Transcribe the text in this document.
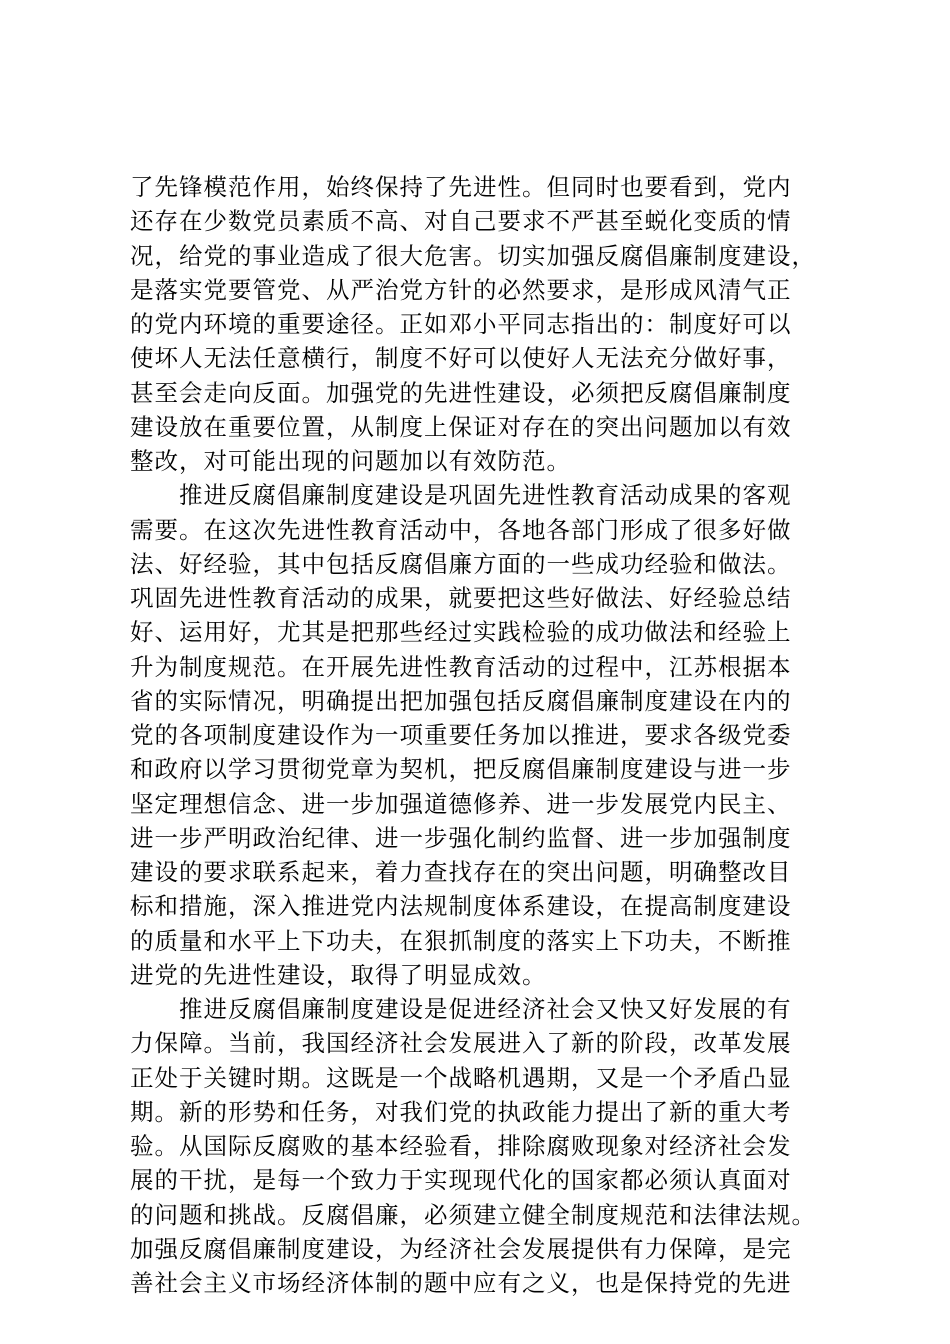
了先锋模范作用，始终保持了先进性。但同时也要看到，党内
还存在少数党员素质不高、对自己要求不严甚至蜕化变质的情
况，给党的事业造成了很大危害。切实加强反腐倡廉制度建设，
是落实党要管党、从严治党方针的必然要求，是形成风清气正
的党内环境的重要途径。正如邓小平同志指出的：制度好可以
使坏人无法任意横行，制度不好可以使好人无法充分做好事，
甚至会走向反面。加强党的先进性建设，必须把反腐倡廉制度
建设放在重要位置，从制度上保证对存在的突出问题加以有效
整改，对可能出现的问题加以有效防范。
　　推进反腐倡廉制度建设是巩固先进性教育活动成果的客观
需要。在这次先进性教育活动中，各地各部门形成了很多好做
法、好经验，其中包括反腐倡廉方面的一些成功经验和做法。
巩固先进性教育活动的成果，就要把这些好做法、好经验总结
好、运用好，尤其是把那些经过实践检验的成功做法和经验上
升为制度规范。在开展先进性教育活动的过程中，江苏根据本
省的实际情况，明确提出把加强包括反腐倡廉制度建设在内的
党的各项制度建设作为一项重要任务加以推进，要求各级党委
和政府以学习贯彻党章为契机，把反腐倡廉制度建设与进一步
坚定理想信念、进一步加强道德修养、进一步发展党内民主、
进一步严明政治纪律、进一步强化制约监督、进一步加强制度
建设的要求联系起来，着力查找存在的突出问题，明确整改目
标和措施，深入推进党内法规制度体系建设，在提高制度建设
的质量和水平上下功夫，在狠抓制度的落实上下功夫，不断推
进党的先进性建设，取得了明显成效。
　　推进反腐倡廉制度建设是促进经济社会又快又好发展的有
力保障。当前，我国经济社会发展进入了新的阶段，改革发展
正处于关键时期。这既是一个战略机遇期，又是一个矛盾凸显
期。新的形势和任务，对我们党的执政能力提出了新的重大考
验。从国际反腐败的基本经验看，排除腐败现象对经济社会发
展的干扰，是每一个致力于实现现代化的国家都必须认真面对
的问题和挑战。反腐倡廉，必须建立健全制度规范和法律法规。
加强反腐倡廉制度建设，为经济社会发展提供有力保障，是完
善社会主义市场经济体制的题中应有之义，也是保持党的先进
